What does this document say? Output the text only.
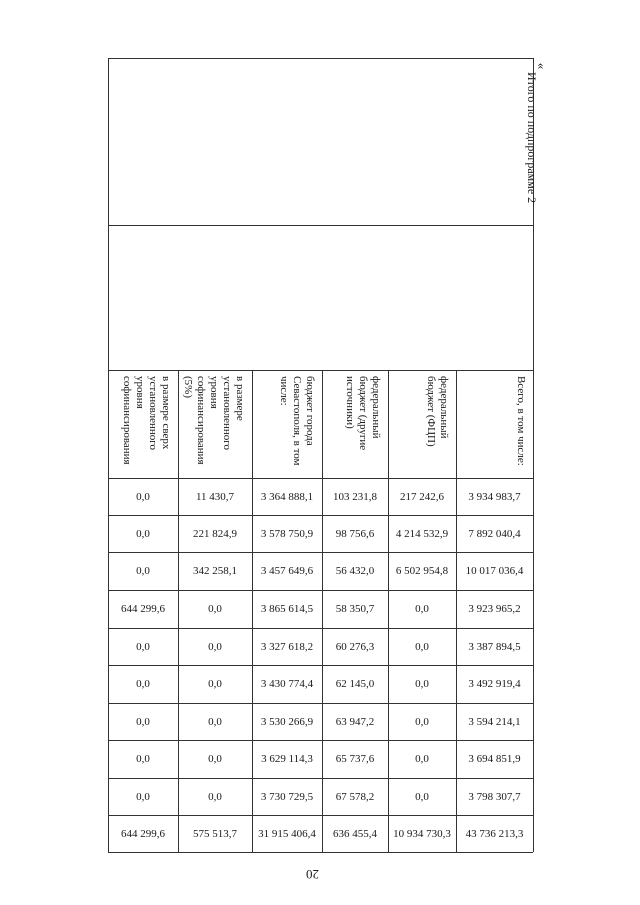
«
Всего, в том числе:
федеральный бюджет (ФЦП)
федеральный бюджет (другие источники)
бюджет города Севастополя, в том числе:
в размере установленного уровня софинансирования (5%)
в размере сверх установленного уровня софинансирования
3 934 983,7
217 242,6
103 231,8
3 364 888,1
11 430,7
0,0
7 892 040,4
4 214 532,9
98 756,6
3 578 750,9
221 824,9
0,0
10 017 036,4
6 502 954,8
56 432,0
3 457 649,6
342 258,1
0,0
3 923 965,2
0,0
58 350,7
3 865 614,5
0,0
644 299,6
3 387 894,5
0,0
60 276,3
3 327 618,2
0,0
0,0
3 492 919,4
0,0
62 145,0
3 430 774,4
0,0
0,0
3 594 214,1
0,0
63 947,2
3 530 266,9
0,0
0,0
3 694 851,9
0,0
65 737,6
3 629 114,3
0,0
0,0
3 798 307,7
0,0
67 578,2
3 730 729,5
0,0
0,0
43 736 213,3
10 934 730,3
636 455,4
31 915 406,4
575 513,7
644 299,6
Итого по подпрограмме 2
20
